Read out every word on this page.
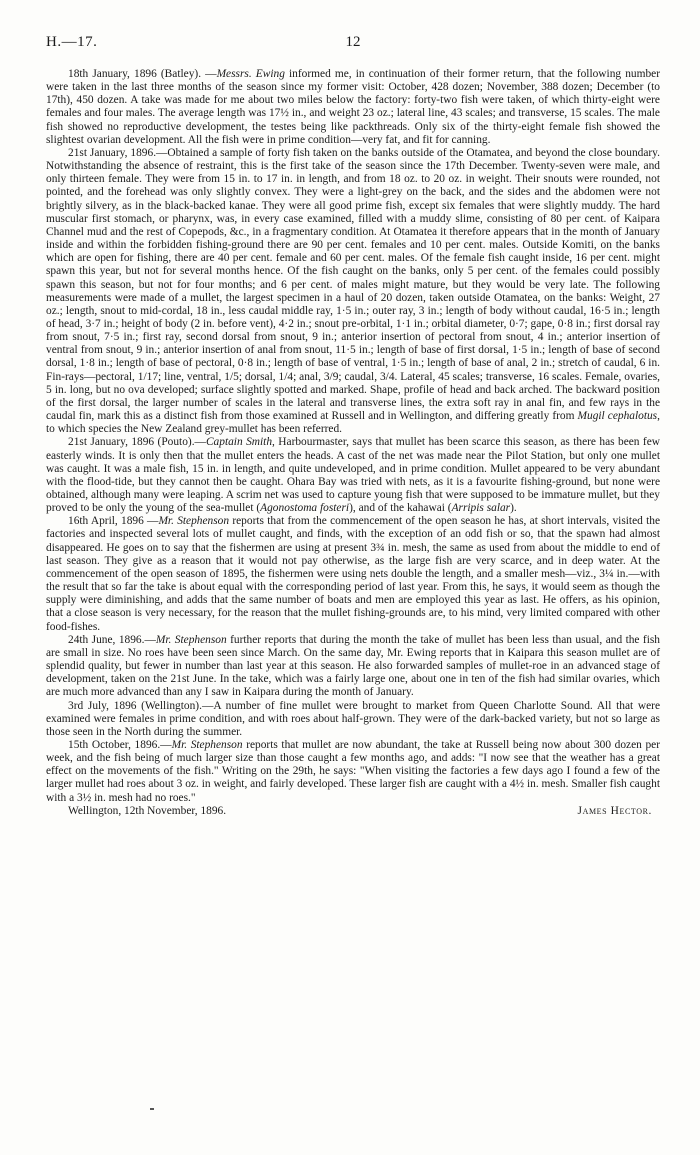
H.—17.	12

18th January, 1896 (Batley). —Messrs. Ewing informed me, in continuation of their former return, that the following number were taken in the last three months of the season since my former visit: October, 428 dozen; November, 388 dozen; December (to 17th), 450 dozen. A take was made for me about two miles below the factory: forty-two fish were taken, of which thirty-eight were females and four males. The average length was 17½ in., and weight 23 oz.; lateral line, 43 scales; and transverse, 15 scales. The male fish showed no reproductive development, the testes being like packthreads. Only six of the thirty-eight female fish showed the slightest ovarian development. All the fish were in prime condition—very fat, and fit for canning.

21st January, 1896.—Obtained a sample of forty fish taken on the banks outside of the Otamatea, and beyond the close boundary. Notwithstanding the absence of restraint, this is the first take of the season since the 17th December. Twenty-seven were male, and only thirteen female. They were from 15 in. to 17 in. in length, and from 18 oz. to 20 oz. in weight. Their snouts were rounded, not pointed, and the forehead was only slightly convex. They were a light-grey on the back, and the sides and the abdomen were not brightly silvery, as in the black-backed kanae. They were all good prime fish, except six females that were slightly muddy. The hard muscular first stomach, or pharynx, was, in every case examined, filled with a muddy slime, consisting of 80 per cent. of Kaipara Channel mud and the rest of Copepods, &c., in a fragmentary condition. At Otamatea it therefore appears that in the month of January inside and within the forbidden fishing-ground there are 90 per cent. females and 10 per cent. males. Outside Komiti, on the banks which are open for fishing, there are 40 per cent. female and 60 per cent. males. Of the female fish caught inside, 16 per cent. might spawn this year, but not for several months hence. Of the fish caught on the banks, only 5 per cent. of the females could possibly spawn this season, but not for four months; and 6 per cent. of males might mature, but they would be very late. The following measurements were made of a mullet, the largest specimen in a haul of 20 dozen, taken outside Otamatea, on the banks: Weight, 27 oz.; length, snout to mid-cordal, 18 in., less caudal middle ray, 1·5 in.; outer ray, 3 in.; length of body without caudal, 16·5 in.; length of head, 3·7 in.; height of body (2 in. before vent), 4·2 in.; snout pre-orbital, 1·1 in.; orbital diameter, 0·7; gape, 0·8 in.; first dorsal ray from snout, 7·5 in.; first ray, second dorsal from snout, 9 in.; anterior insertion of pectoral from snout, 4 in.; anterior insertion of ventral from snout, 9 in.; anterior insertion of anal from snout, 11·5 in.; length of base of first dorsal, 1·5 in.; length of base of second dorsal, 1·8 in.; length of base of pectoral, 0·8 in.; length of base of ventral, 1·5 in.; length of base of anal, 2 in.; stretch of caudal, 6 in. Fin-rays—pectoral, 1/17; line, ventral, 1/5; dorsal, 1/4; anal, 3/9; caudal, 3/4. Lateral, 45 scales; transverse, 16 scales. Female, ovaries, 5 in. long, but no ova developed; surface slightly spotted and marked. Shape, profile of head and back arched. The backward position of the first dorsal, the larger number of scales in the lateral and transverse lines, the extra soft ray in anal fin, and few rays in the caudal fin, mark this as a distinct fish from those examined at Russell and in Wellington, and differing greatly from Mugil cephalotus, to which species the New Zealand grey-mullet has been referred.

21st January, 1896 (Pouto).—Captain Smith, Harbourmaster, says that mullet has been scarce this season, as there has been few easterly winds. It is only then that the mullet enters the heads. A cast of the net was made near the Pilot Station, but only one mullet was caught. It was a male fish, 15 in. in length, and quite undeveloped, and in prime condition. Mullet appeared to be very abundant with the flood-tide, but they cannot then be caught. Ohara Bay was tried with nets, as it is a favourite fishing-ground, but none were obtained, although many were leaping. A scrim net was used to capture young fish that were supposed to be immature mullet, but they proved to be only the young of the sea-mullet (Agonostoma fosteri), and of the kahawai (Arripis salar).

16th April, 1896 —Mr. Stephenson reports that from the commencement of the open season he has, at short intervals, visited the factories and inspected several lots of mullet caught, and finds, with the exception of an odd fish or so, that the spawn had almost disappeared. He goes on to say that the fishermen are using at present 3¾ in. mesh, the same as used from about the middle to end of last season. They give as a reason that it would not pay otherwise, as the large fish are very scarce, and in deep water. At the commencement of the open season of 1895, the fishermen were using nets double the length, and a smaller mesh—viz., 3¼ in.—with the result that so far the take is about equal with the corresponding period of last year. From this, he says, it would seem as though the supply were diminishing, and adds that the same number of boats and men are employed this year as last. He offers, as his opinion, that a close season is very necessary, for the reason that the mullet fishing-grounds are, to his mind, very limited compared with other food-fishes.

24th June, 1896.—Mr. Stephenson further reports that during the month the take of mullet has been less than usual, and the fish are small in size. No roes have been seen since March. On the same day, Mr. Ewing reports that in Kaipara this season mullet are of splendid quality, but fewer in number than last year at this season. He also forwarded samples of mullet-roe in an advanced stage of development, taken on the 21st June. In the take, which was a fairly large one, about one in ten of the fish had similar ovaries, which are much more advanced than any I saw in Kaipara during the month of January.

3rd July, 1896 (Wellington).—A number of fine mullet were brought to market from Queen Charlotte Sound. All that were examined were females in prime condition, and with roes about half-grown. They were of the dark-backed variety, but not so large as those seen in the North during the summer.

15th October, 1896.—Mr. Stephenson reports that mullet are now abundant, the take at Russell being now about 300 dozen per week, and the fish being of much larger size than those caught a few months ago, and adds: "I now see that the weather has a great effect on the movements of the fish." Writing on the 29th, he says: "When visiting the factories a few days ago I found a few of the larger mullet had roes about 3 oz. in weight, and fairly developed. These larger fish are caught with a 4½ in. mesh. Smaller fish caught with a 3½ in. mesh had no roes."

Wellington, 12th November, 1896.	James Hector.
